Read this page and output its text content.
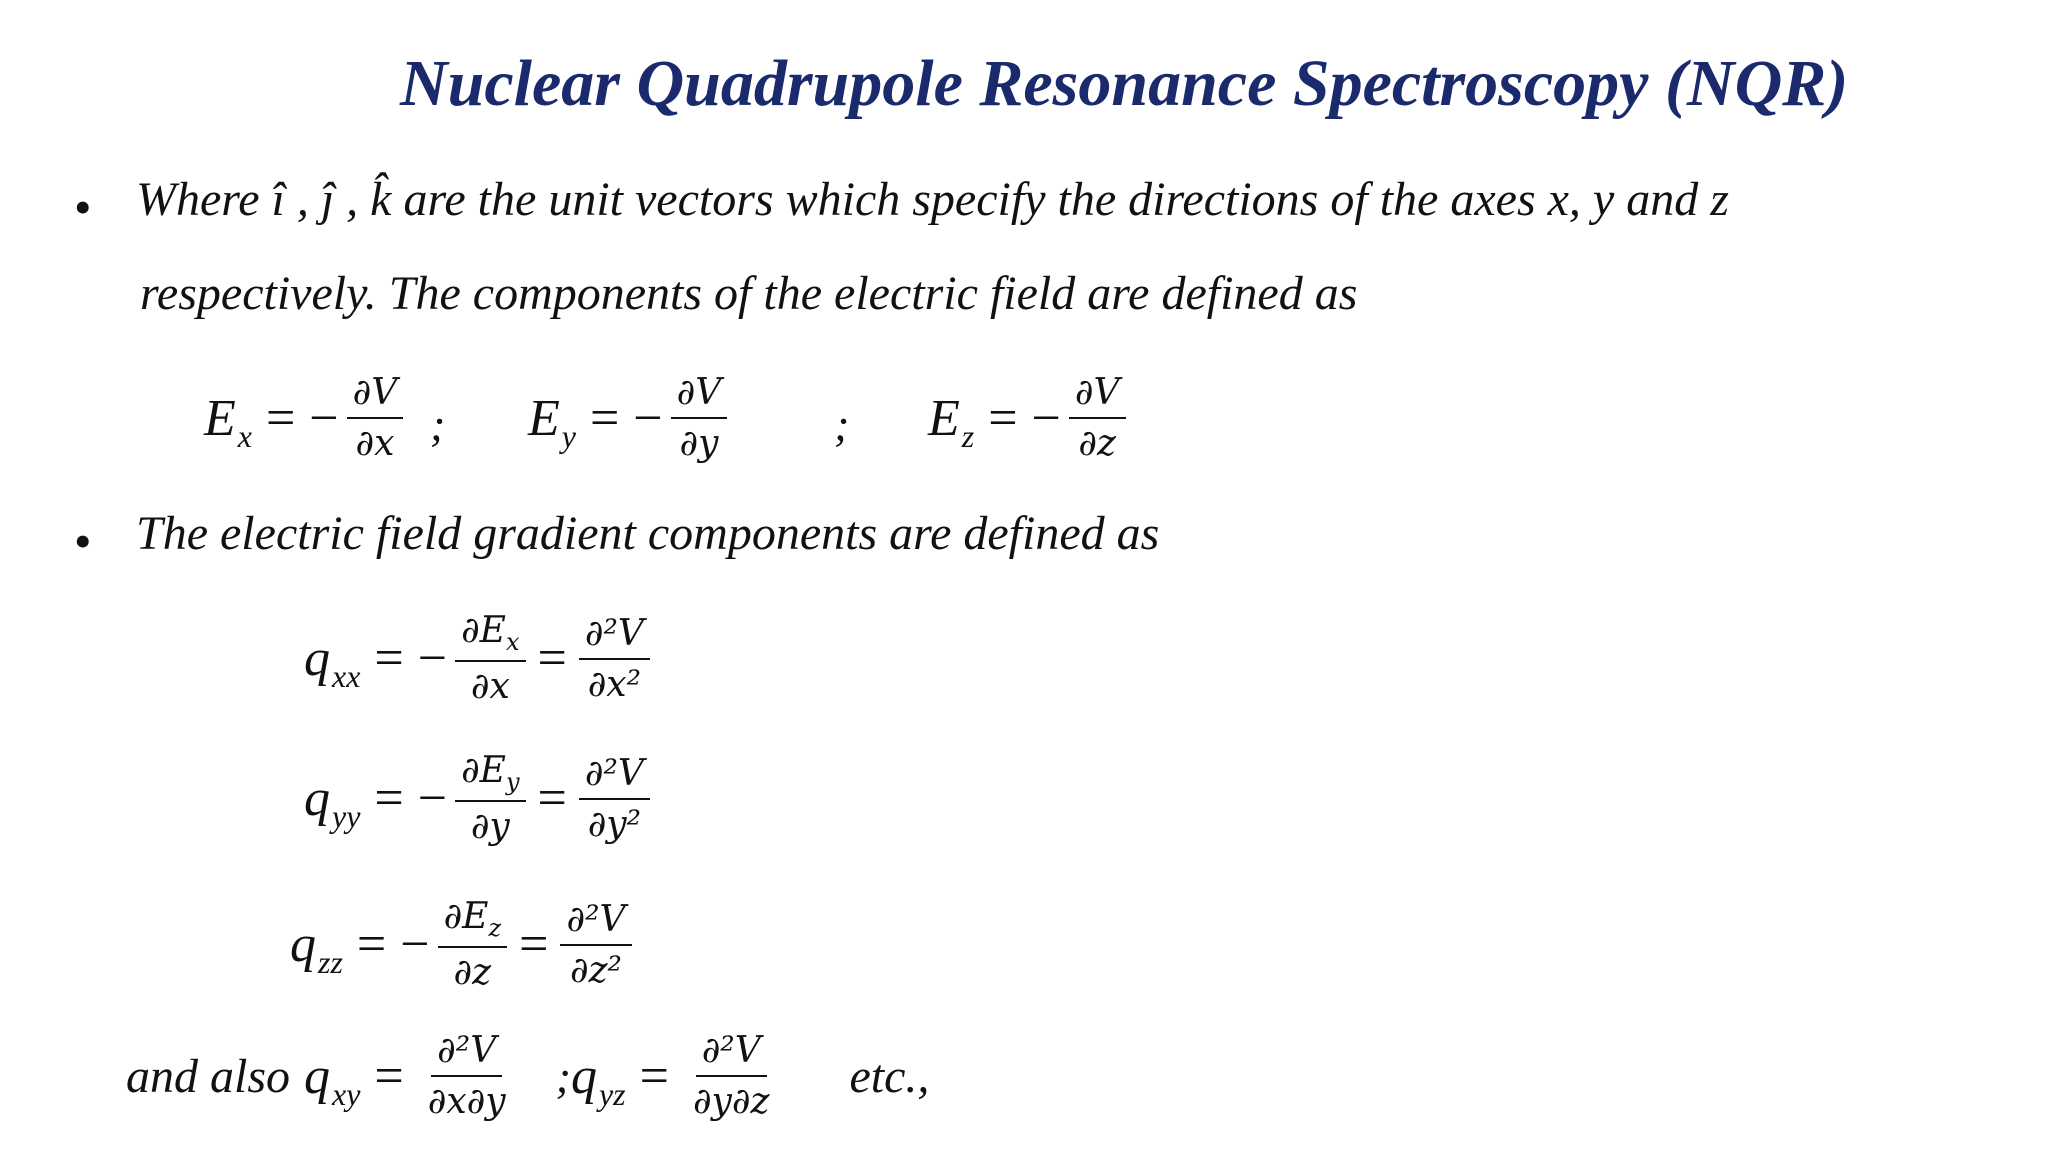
Nuclear Quadrupole Resonance Spectroscopy (NQR)
• Where î , ĵ , k̂ are the unit vectors which specify the directions of the axes x, y and z
respectively. The components of the electric field are defined as
E x = − $\frac{\partial V}{\partial x}$ ; E y = − $\frac{\partial V}{\partial y}$ ; E z = − $\frac{\partial V}{\partial z}$
• The electric field gradient components are defined as
q xx = − $\frac{\partial E_x}{\partial x} = \frac{\text{∂²V}}{\text{∂x²}}$
q yy = − $\frac{\partial E_y}{\partial y} = \frac{\text{∂²V}}{\text{∂y²}}$
q zz = − $\frac{\partial E_z}{\partial z} = \frac{\text{∂²V}}{\text{∂z²}}$
and also q xy = $\frac{\text{∂²V}}{\partial x\partial y}$ ; q yz = $\frac{\text{∂²V}}{\partial y\partial z}$ etc.,
